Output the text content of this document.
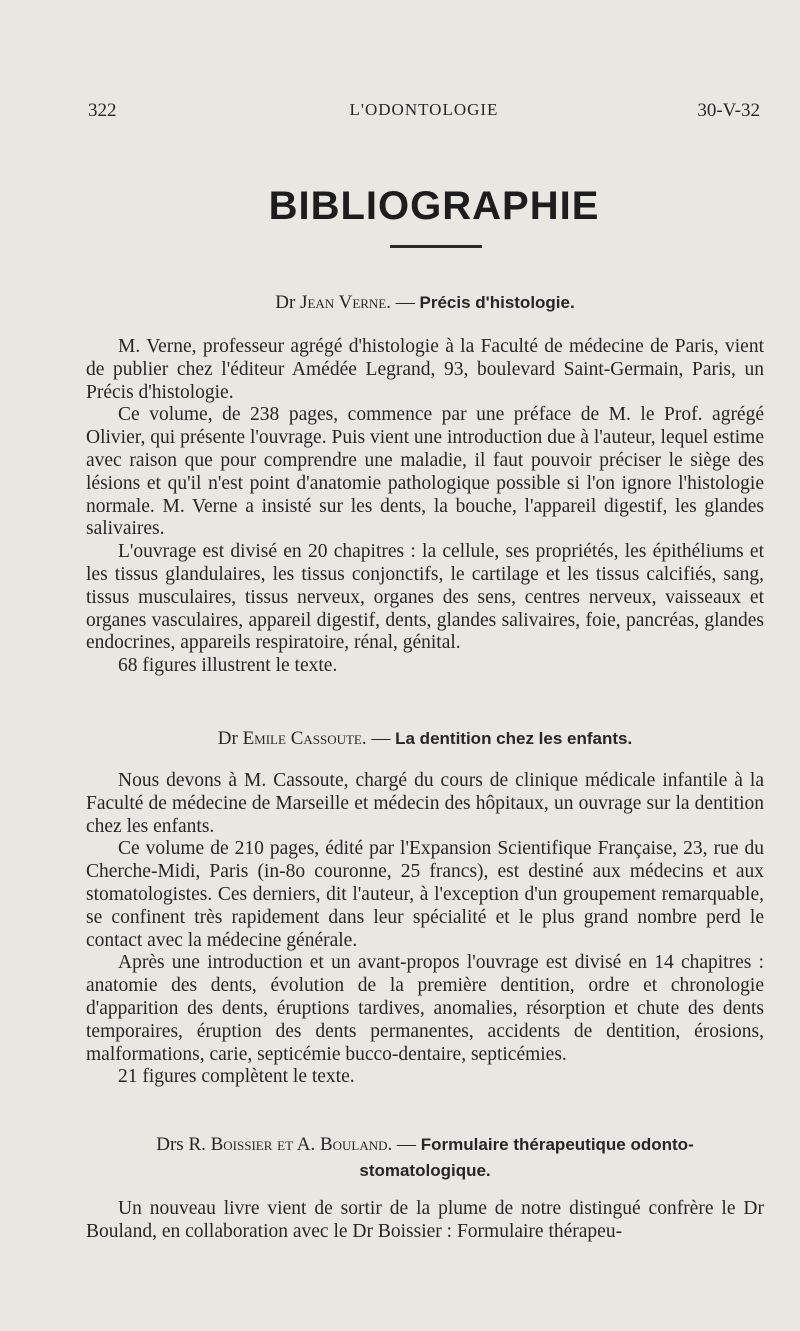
322	L'ODONTOLOGIE	30-V-32
BIBLIOGRAPHIE

Dr Jean Verne. — Précis d'histologie.

M. Verne, professeur agrégé d'histologie à la Faculté de médecine de Paris, vient de publier chez l'éditeur Amédée Legrand, 93, boulevard Saint-Germain, Paris, un Précis d'histologie.

Ce volume, de 238 pages, commence par une préface de M. le Prof. agrégé Olivier, qui présente l'ouvrage. Puis vient une introduction due à l'auteur, lequel estime avec raison que pour comprendre une maladie, il faut pouvoir préciser le siège des lésions et qu'il n'est point d'anatomie pathologique possible si l'on ignore l'histologie normale. M. Verne a insisté sur les dents, la bouche, l'appareil digestif, les glandes salivaires.

L'ouvrage est divisé en 20 chapitres : la cellule, ses propriétés, les épithéliums et les tissus glandulaires, les tissus conjonctifs, le cartilage et les tissus calcifiés, sang, tissus musculaires, tissus nerveux, organes des sens, centres nerveux, vaisseaux et organes vasculaires, appareil digestif, dents, glandes salivaires, foie, pancréas, glandes endocrines, appareils respiratoire, rénal, génital.

68 figures illustrent le texte.

Dr Emile Cassoute. — La dentition chez les enfants.

Nous devons à M. Cassoute, chargé du cours de clinique médicale infantile à la Faculté de médecine de Marseille et médecin des hôpitaux, un ouvrage sur la dentition chez les enfants.

Ce volume de 210 pages, édité par l'Expansion Scientifique Française, 23, rue du Cherche-Midi, Paris (in-8o couronne, 25 francs), est destiné aux médecins et aux stomatologistes. Ces derniers, dit l'auteur, à l'exception d'un groupement remarquable, se confinent très rapidement dans leur spécialité et le plus grand nombre perd le contact avec la médecine générale.

Après une introduction et un avant-propos l'ouvrage est divisé en 14 chapitres : anatomie des dents, évolution de la première dentition, ordre et chronologie d'apparition des dents, éruptions tardives, anomalies, résorption et chute des dents temporaires, éruption des dents permanentes, accidents de dentition, érosions, malformations, carie, septicémie bucco-dentaire, septicémies.

21 figures complètent le texte.

Drs R. Boissier et A. Bouland. — Formulaire thérapeutique odonto-stomatologique.

Un nouveau livre vient de sortir de la plume de notre distingué confrère le Dr Bouland, en collaboration avec le Dr Boissier : Formulaire thérapeu-
